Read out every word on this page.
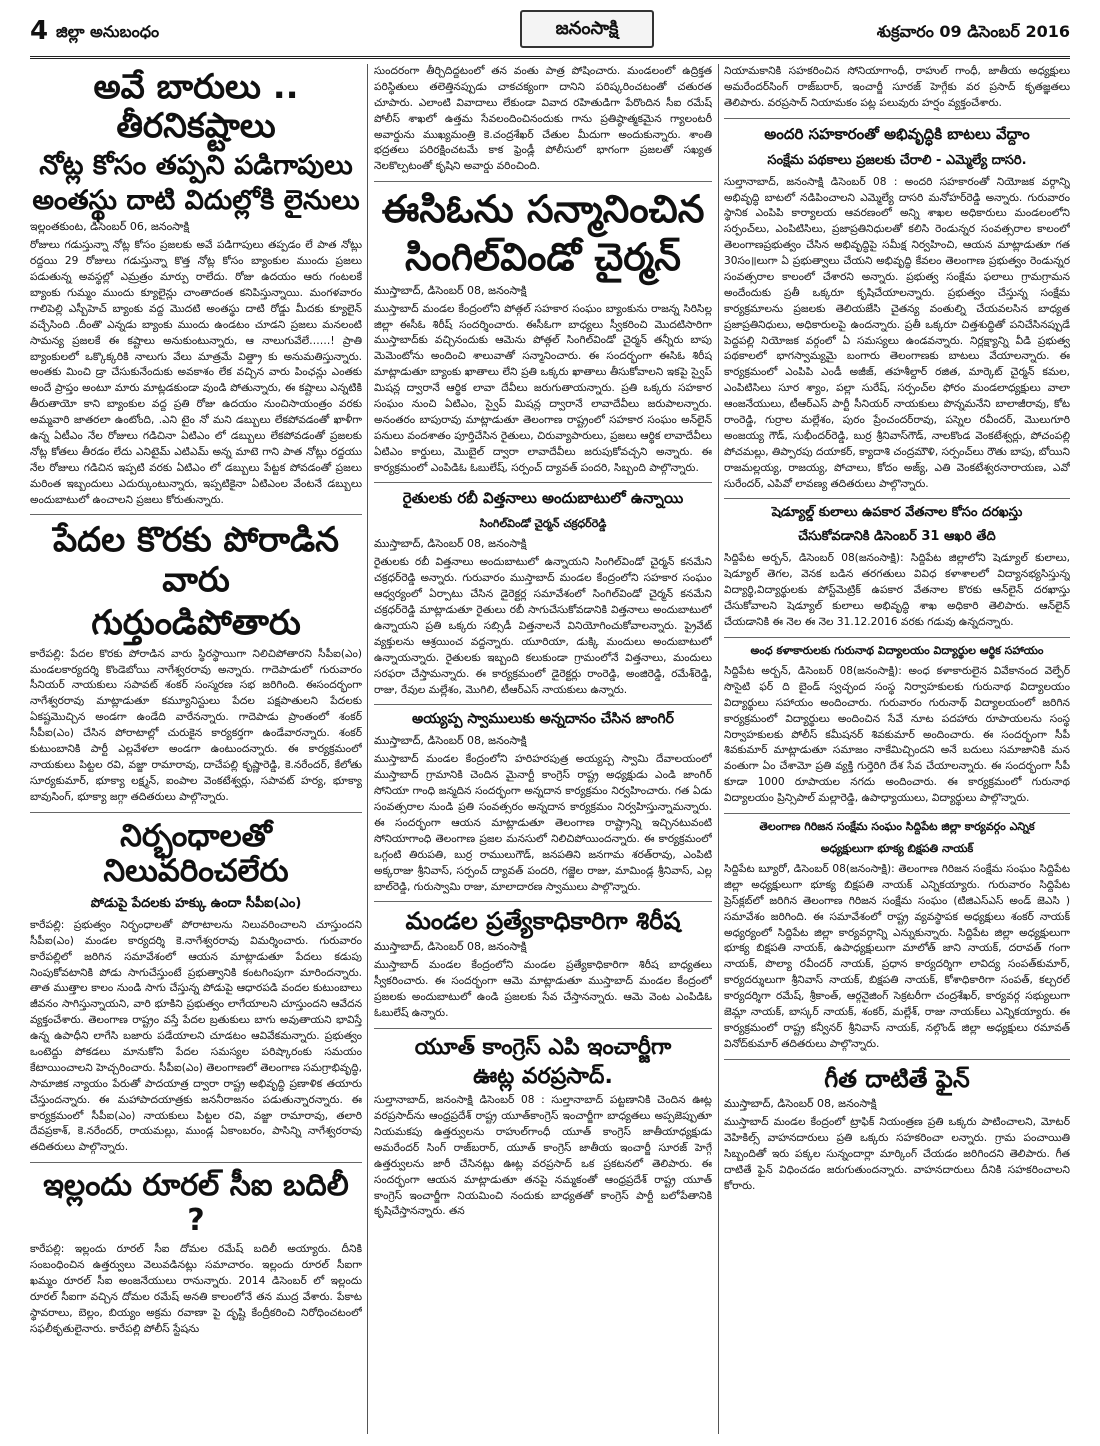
4 జిల్లా అనుబంధం	జనంసాక్షి	శుక్రవారం 09 డిసెంబర్ 2016
అవే బారులు .. తీరనికష్టాలు
నోట్ల కోసం తప్పని పడిగాపులు
అంతస్థు దాటి విదుల్లోకి లైనులు
ఇల్లంతకుంట, డిసెంబర్ 06, జనంసాక్షి

రోజులు గడుస్తున్నా నోట్ల కోసం ప్రజలకు అవే పడిగాపులు తప్పడం లే పాత నోట్లు రద్దయి 29 రోజులు గడుస్తున్నా కొత్త నోట్ల కోసం బ్యాంకుల ముందు ప్రజలు పడుతున్న అవస్థల్లో ఎమ్రత్రం మార్పు రాలేదు. రోజు ఉదయం ఆరు గంటలకే బ్యాంకు గుమ్మం ముందు క్యూలైన్లు చాంతాదంత కనిపిస్తున్నాయి. మంగళవారం గాలిపెల్లి ఎస్బీహెచ్ బ్యాంకు వద్ద మొదటి అంతస్థు దాటి రోడ్డు మీదకు క్యూలైన్ వచ్చేసింది .దీంతొ ఎన్నడు బ్యాంకు ముందు ఉండటం చూడని ప్రజలు మనలంటి సామన్య ప్రజలకే ఈ కష్టాలు అనుకుంటున్నారు, ఆ నాలుగువేలే……! ప్రాతి బ్యాంకులలో ఒక్కొక్కరికి నాలుగు వేలు మాత్రమే విత్డ్రా కు అనుమతిస్తున్నారు. అంతకు మించి డ్రా చేసుకునేందుకు అవకాశం లేక వచ్చిన వారు పింఛన్లు ఎంతకు అందే ప్రాప్తం అంటూ మారు మాట్లడకుండా వుండి పోతున్నారు, ఈ కష్టాలు ఎన్నటికి తీరుతాయో కాని బ్యాంకుల వద్ద ప్రతి రోజు ఉదయం నుంచిసాయంత్రం వరకు అమ్మవారి జాతరలా ఉంటోంది, .ఎని టైం నో మని డబ్బులు లేకపోవడంతో ఖాళీగా ఉన్న ఏటీఎం నేల రోజులు గడిచినా ఏటిఎం లో డబ్బులు లేకపోవడంతో ప్రజలకు నోట్ల కోతలు తీరడం లేదు ఎనిటైమ్ ఎటిఎమ్ అన్న మాటె గాని పాత నోట్లు రద్దయు నేల రోజులు గడిచిన ఇప్పటి వరకు ఏటిఎం లో డబ్బులు పేట్టక పోవడంతో ప్రజలు మరింత ఇబ్బందులు ఎదుర్కుంటున్నారు, ఇప్పటికైనా ఏటిఎంల వేంటనే డబ్బులు అందుబాటులో ఉంచాలని ప్రజలు కోరుతున్నారు.

పేదల కొరకు పోరాడిన వారు
గుర్తుండిపోతారు

కారేపల్లి: పేదల కొరకు పోరాడిన వారు స్థిరస్థాయిగా నిలిచిపోతారని సీపీఐ(ఎం) మండలకార్యదర్శి కొండెబోయి నాగేశ్వరరావు అన్నారు. గాదెపాడులో గురువారం సీనియర్ నాయకులు సపావట్ శంకర్ సంస్మరణ సభ జరిగింది. ఈసందర్భంగా నాగేశ్వరరావు మాట్లాడుతూ కమ్యూనిస్టులు పేదల పక్షపాతులని పేదలకు ఏకష్టమొచ్చిన అండగా ఉండేది వారేనన్నారు. గాదెపాడు ప్రాంతంలో శంకర్ సీపీఐ(ఎం) చేసిన పోరాటాల్లో చురుకైన కార్యకర్తగా ఉండేవారన్నారు. శంకర్ కుటుంబానికి పార్టీ ఎల్లవేళలా అండగా ఉంటుందన్నారు. ఈ కార్యక్రమంలో నాయకులు పిట్టల రవి, వజ్జా రామారావు, దాచేపల్లి కృష్ణారెడ్డి, కె.నరేందర్, కేలోతు సూర్యకుమార్, భూక్యా లక్ష్మన్, ఐంపాల వెంకటేశ్వర్లు, సపావట్ హర్య, భూక్యా బావుసింగ్, భూక్యా జగ్గా తదితరులు పాల్గొన్నారు.

నిర్భంధాలతో నిలువరించలేరు
పోడుపై పేదలకు హక్కు ఉందా సీపీఐ(ఎం)

కారేపల్లి: ప్రభుత్వం నిర్భంధాలతో పోరాటాలను నిలువరించాలని చూస్తుందని సీపీఐ(ఎం) మండల కార్యదర్శి కె.నాగేశ్వరరావు విమర్శించారు. గురువారం కారేపల్లిలో జరిగిన సమావేశంలో ఆయన మాట్లాడుతూ పేదలు కడుపు నింపుకోవటానికి పోడు సాగుచేస్తుంటే ప్రభుత్వానికి కంటగింపుగా మారిందన్నారు. తాత ముత్తాల కాలం నుండి సాగు చేస్తున్న పోడుపై ఆధారపడి వందల కుటుంబాలు జీవనం సాగిస్తున్నాయని, వారి భూకిని ప్రభుత్వం లాగేయాలని చూస్తుందని ఆవేదన వ్యక్తంచేశారు. తెలంగాణ రాష్ట్రం వస్తే పేదల బ్రతుకులు బాగు అవుతాయని భావిస్తే ఉన్న ఉపాధీని లాగేసి బజారు పడేయాలని చూడటం ఆవివేకమన్నారు. ప్రభుత్వం ఒంటెద్దు పోకడలు మానుకోని పేదల సమస్యల పరిష్కారంకు సమయం కేటాయించాలని హెచ్చరించారు. సీపీఐ(ఎం) తెలంగాణలో తెలంగాణ సమగ్రాభివృద్ధి, సామాజిక న్యాయం పేరుతో పాదయాత్ర ద్వారా రాష్ట్ర అభివృద్ధి ప్రణాళిక తయారు చేస్తుందన్నారు. ఈ మహాపాదయాత్రకు జననీరాజనం పడుతున్నారన్నారు. ఈ కార్యక్రమంలో సీపీఐ(ఎం) నాయకులు పిట్టల రవి, వజ్జా రామారావు, తలారి దేవప్రకాశ్, కె.నరేందర్, రాయమల్లు, ముండ్ల ఏకాంబరం, పాసిన్ని నాగేశ్వరరావు తదితరులు పాల్గొన్నారు.

ఇల్లందు రూరల్ సీఐ బదిలీ ?

కారేపల్లి: ఇల్లందు రూరల్ సీఐ దోమల రమేష్ బదిలీ అయ్యారు. దీనికి సంబంధించిన ఉత్తర్వులు వెలువడినట్లు సమాచారం. ఇల్లందు రూరల్ సీఐగా ఖమ్మం రూరల్ సీఐ అంజనేయులు రానున్నారు. 2014 డిసెంబర్ లో ఇల్లందు రూరల్ సీఐగా వచ్చిన దోమల రమేష్ అనతి కాలంలోనే తన ముద్ర వేశారు. పేకాట స్థావరాలు, బెల్లం, బియ్యం అక్రమ రవాణా పై దృష్టి కేంద్రీకరించి నిరోధించటంలో సఫలీకృతులైనారు. కారేపల్లి పోలీస్ స్టేషను

సుందరంగా తీర్చిదిద్దటంలో తన వంతు పాత్ర పోషించారు. మండలంలో ఉద్రిక్తత పరిస్థితులు తలెత్తినప్పుడు చాకచక్యంగా దానిని పరిష్కరించటంతో చతురత చూపారు. ఎలాంటి వివాదాలు లేకుండా వివాద రహితుడిగా పేరొందిన సీఐ రమేష్ పోలీస్ శాఖలో ఉత్తమ సేవలందించినందుకు గాను ప్రతిష్ఠాత్మకమైన గ్యాలంటరీ అవార్డును ముఖ్యమంత్రి కె.చంద్రశేఖర్ చేతుల మీదుగా అందుకున్నారు. శాంతి భద్రతలు పరిరక్షించటమే కాక ఫ్రెండ్లీ పోలీసులో భాగంగా ప్రజలతో సఖ్యత నెలకొల్పటంతో కృషిని అవార్డు వరించింది.

ఈసిఓను సన్మానించిన
సింగిల్‌విండో చైర్మన్
ముస్తాబాద్, డిసెంబర్ 08, జనంసాక్షి

ముస్తాబాద్ మండల కేంద్రంలోని పోత్గల్ సహకార సంఘం బ్యాంకును రాజన్న సిరిసిల్ల జిల్లా ఈసీఓ శిరీష్ సందర్శించారు. ఈసీఓగా బాధ్యలు స్వీకరించి మొదటిసారిగా ముస్తాబాద్‌కు వచ్చినందుకు ఆమెను పోత్గల్ సింగిల్‌విండో చైర్మన్ తన్నీరు బాపు మెమెంటోను అందించి శాలువాతో సన్మానించారు. ఈ సందర్భంగా ఈసిఓ శిరీష మాట్లాడుతూ బ్యాంకు ఖాతాలు లేని ప్రతి ఒక్కరు ఖాతాలు తీసుకోవాలని ఇకపై స్వైప్ మిషన్ల ద్వారానే ఆర్థిక లావా దేవీలు జరుగుతాయన్నారు. ప్రతి ఒక్కరు సహకార సంఘం నుంచి ఏటిఎం, స్వైప్ మిషన్ల ద్వారానే లావాదేవీలు జరుపాలన్నారు. అనంతరం బాపురావు మాట్లాడుతూ తెలంగాణ రాష్ట్రంలో సహకార సంఘం అన్‌లైన్ పనులు వందశాతం పూర్తిచేసిన రైతులు, చిరువ్యాపారులు, ప్రజలు ఆర్థిక లావాదేవీలు ఏటిఎం కార్డులు, మొబైల్ ద్వారా లావాదేవీలు జరుపుకోవచ్చని అన్నారు. ఈ కార్యక్రమంలో ఎంపిడిఓ ఓబులేష్, సర్పంచ్ ద్యావత్ పందరి, సిబ్బంది పాల్గొన్నారు.

రైతులకు రబీ విత్తనాలు అందుబాటులో ఉన్నాయి
సింగిల్‌విండో చైర్మన్ చక్రధర్‌రెడ్డి
ముస్తాబాద్, డిసెంబర్ 08, జనంసాక్షి

రైతులకు రబీ విత్తనాలు అందుబాటులో ఉన్నాయని సింగిల్‌విండో చైర్మన్ కనమేని చక్రధర్‌రెడ్డి అన్నారు. గురువారం ముస్తాబాద్ మండల కేంద్రంలోని సహకార సంఘం ఆధ్వర్యంలో ఏర్పాటు చేసిన డైరెక్టర్ల సమావేశంలో సింగిల్‌విండో చైర్మన్ కనమేని చక్రధర్‌రెడ్డి మాట్లాడుతూ రైతులు రబీ సాగుచేసుకోవడానికి విత్తనాలు అందుబాటులో ఉన్నాయని ప్రతి ఒక్కరు సబ్సిడీ విత్తనాలనే వినియోగించుకోవాలన్నారు. ప్రైవేట్ వ్యక్తులను ఆశ్రయించ వద్దన్నారు. యూరియా, డుక్కి మందులు అందుబాటులో ఉన్నాయన్నారు. రైతులకు ఇబ్బంది కలుకుండా గ్రామంలోనే విత్తనాలు, మందులు సరఫరా చేస్తామన్నారు. ఈ కార్యక్రమంలో డైరెక్టర్లు రాంరెడ్డి, అంజిరెడ్డి, రమేశ్‌రెడ్డి, రాజు, రేవుల మల్లేశం, మొగిలి, టీఆర్ఎస్ నాయకులు ఉన్నారు.

అయ్యప్ప స్వాములుకు అన్నదానం చేసిన జాంగిర్
ముస్తాబాద్, డిసెంబర్ 08, జనంసాక్షి

ముస్తాబాద్ మండల కేంద్రంలోని హరిహరపుత్ర అయ్యప్ప స్వామి దేవాలయంలో ముస్తాబాద్ గ్రామానికి చెందిన మైనార్టీ కాంగ్రెస్ రాష్ట్ర అధ్యక్షుడు ఎండి జాంగిర్ సోనియా గాంధి జన్మదిన సందర్భంగా అన్నదాన కార్యక్రమం నిర్వహించారు. గత ఏడు సంవత్సరాల నుండి ప్రతి సంవత్సరం అన్నదాన కార్యక్రమం నిర్వహిస్తున్నామన్నారు. ఈ సందర్భంగా ఆయన మాట్లాడుతూ తెలంగాణ రాష్ట్రాన్ని ఇచ్చినటువంటి సోనియాగాంధి తెలంగాణ ప్రజల మనసులో నిలిచిపోయిందన్నారు. ఈ కార్యక్రమంలో ఒగ్గంటి తిరుపతి, బుర్ర రాములుగౌడ్, జనపతిని జనగామ శరత్‌రావు, ఎంపిటి అక్కరాజు శ్రీనివాస్, సర్పంచ్ ద్యావత్ పందరి, గజ్జెల రాజు, మామిండ్ల శ్రీనివాస్, ఎల్ల బాల్‌రెడ్డి, గురుస్వామి రాజు, మాలాదారణ స్వాములు పాల్గొన్నారు.

మండల ప్రత్యేకాధికారిగా శిరీష
ముస్తాబాద్, డిసెంబర్ 08, జనంసాక్షి

ముస్తాబాద్ మండల కేంద్రంలోని మండల ప్రత్యేకాధికారిగా శిరీష బాధ్యతలు స్వీకరించారు. ఈ సందర్భంగా ఆమె మాట్లాడుతూ ముస్తాబాద్ మండల కేంద్రంలో ప్రజలకు అందుబాటులో ఉండి ప్రజలకు సేవ చేస్తానన్నారు. ఆమె వెంట ఎంపిడిఓ ఓబులేష్ ఉన్నారు.

యూత్ కాంగ్రెస్ ఎపి ఇంచార్జీగా
ఊట్ల వరప్రసాద్.

సుల్తానాబాద్, జనంసాక్షి డిసెంబర్ 08 : సుల్తానాబాద్ పట్టణానికి చెందిన ఊట్ల వరప్రసాద్‌ను ఆంధ్రప్రదేశ్ రాష్ట్ర యూత్‌కాంగ్రెస్ ఇంచార్జీగా బాధ్యతలు అప్పజెప్పుతూ నియమకపు ఉత్తర్వులను రాహుల్‌గాంధీ యూత్ కాంగ్రెస్ జాతీయాధ్యక్షుడు అమరేందర్ సింగ్ రాజ్‌బరార్, యూత్ కాంగ్రెస్ జాతీయ ఇంచార్జీ సూరజ్ హెగ్గే ఉత్తర్వులను జారీ చేసినట్లు ఊట్ల వరప్రసాద్ ఒక ప్రకటనలో తెలిపారు. ఈ సందర్భంగా ఆయన మాట్లాడుతూ తనపై నమ్మకంతో ఆంధ్రప్రదేశ్ రాష్ట్ర యూత్ కాంగ్రెస్ ఇంచార్జీగా నియమించి నందుకు బాధ్యతతో కాంగ్రెస్ పార్టీ బలోపేతానికి కృషిచేస్తానన్నారు. తన

నియామకానికి సహకరించిన సోనియాగాంధీ, రాహుల్ గాంధీ, జాతీయ అధ్యక్షులు అమరేందర్‌సింగ్ రాజ్‌బరార్, ఇంచార్జీ సూరజ్ హెగ్గేకు వర ప్రసాద్ కృతజ్ఞతలు తెలిపారు. వరప్రసాద్ నియామకం పట్ల పలువురు హర్షం వ్యక్తంచేశారు.

అందరి సహకారంతో అభివృద్ధికి బాటలు వేద్దాం
సంక్షేమ పథకాలు ప్రజలకు చేరాలి - ఎమ్మెల్యే దాసరి.

సుల్తానాబాద్, జనంసాక్షి డిసెంబర్ 08 : అందరి సహకారంతో నియోజక వర్గాన్ని అభివృద్ధి బాటలో నడిపించాలని ఎమ్మెల్యే దాసరి మనోహర్‌రెడ్డి అన్నారు. గురువారం స్థానిక ఎంపిపి కార్యాలయ ఆవరణంలో అన్ని శాఖల అధికారులు మండలంలోని సర్పంచ్‌లు, ఎంపిటిసిలు, ప్రజాప్రతినిధులతో కలిసి రెండున్నర సంవత్సరాల కాలంలో తెలంగాణప్రభుత్వం చేసిన అభివృద్ధిపై సమీక్ష నిర్వహించి, ఆయన మాట్లాడుతూ గత 30సం॥లుగా ఏ ప్రభుత్వాలు చేయని అభివృద్ధి కేవలం తెలంగాణ ప్రభుత్వం రెండున్నర సంవత్సరాల కాలంలో చేశారని అన్నారు. ప్రభుత్వ సంక్షేమ ఫలాలు గ్రామగ్రామన అందేందుకు ప్రతీ ఒక్కరూ కృషిచేయాలన్నారు. ప్రభుత్వం చేస్తున్న సంక్షేమ కార్యక్రమాలను ప్రజలకు తెలియజేసి చైతన్య వంతుల్ని చేయవలసిన బాధ్యత ప్రజాప్రతినిధులు, అధికారులపై ఉందన్నారు. ప్రతీ ఒక్కరూ చిత్తశుద్ధితో పనిచేసినప్పుడే పెద్దపల్లి నియోజక వర్గంలో ఏ సమస్యలు ఉండవన్నారు. నిర్లక్ష్యాన్ని వీడి ప్రభుత్వ పథకాలలో భాగస్వామ్యమై బంగారు తెలంగాణకు బాటలు వేయాలన్నారు. ఈ కార్యక్రమంలో ఎంపిపి ఎండీ అజీజ్, తహశీల్దార్ రజిత, మార్కెట్ చైర్మన్ కమల, ఎంపిటిసిలు సూర శ్యాం, పల్లా సురేష్, సర్పంచ్‌ల ఫోరం మండలాధ్యక్షులు వాలా ఆంజనేయులు, టీఆర్ఎస్ పార్టీ సీనియర్ నాయకులు పొన్నమనేని బాలాజీరావు, కోట రాంరెడ్డి, గుర్రాల మల్లేశం, పురం ప్రేంచందర్‌రావు, పస్నెల రవీందర్, మొలుగూరి అంజయ్య గౌడ్, సుభీందర్‌రెడ్డి, బుర్ర శ్రీనివాస్‌గౌడ్, నాలకొండ వెంకటేశ్వర్లు, పోచంపల్లి పోచమల్లు, తిప్పారపు దయాకర్, క్యాదాశి చంద్రమౌళి, సర్పంచ్‌లు రౌతు బాపు, బోయిని రాజమల్లయ్య, రాజయ్య, పోచాలు, కోదం అజ్య్, ఎతి వెంకటేశ్వరనారాయణ, ఎవో సురేందర్, ఎపివో లావణ్య తదితరులు పాల్గొన్నారు.

షెడ్యూల్డ్ కులాలు ఉపకార వేతనాల కోసం దరఖస్తు
చేసుకోవడానికి డిసెంబర్ 31 ఆఖరి తేది

సిద్దిపేట అర్బన్, డిసెంబర్ 08(జనంసాక్షి): సిద్దిపేట జిల్లాలోని షెడ్యూల్ కులాలు, షెడ్యూల్ తెగల, వెనక బడిన తరగతులు వివిధ కళాశాలలో విద్యానభ్యసిస్తున్న విద్యార్థి,విద్యార్థులకు పోస్ట్‌మెట్రిక్ ఉపకార వేతనాల కొరకు ఆన్‌లైన్ దరఖాస్తు చేసుకోవాలని షెడ్యూల్ కులాలు అభివృద్ధి శాఖ అధికారి తెలిపారు. ఆన్‌లైన్ చేయడానికి ఈ నెల ఈ నెల 31.12.2016 వరకు గడువు ఉన్నదన్నారు.

అంధ కళాకారులకు గురునాథ విద్యాలయం విద్యార్థుల ఆర్థిక సహాయం

సిద్దిపేట అర్బన్, డిసెంబర్ 08(జనంసాక్షి): అంధ కళాకారులైన వివేకానంద వెల్ఫేర్ సొసైటి ఫర్ ది బైండ్ స్వచ్ఛంద సంస్థ నిర్వాహకులకు గురునాథ విద్యాలయం విద్యార్థులు సహాయం అందించారు. గురువారం గురునాథ్ విద్యాలయంలో జరిగిన కార్యక్రమంలో విద్యార్థులు అందించిన సేవే నూట పదహారు రూపాయలను సంస్థ నిర్వాహకులకు పోలీస్ కమీషనర్ శివకుమార్ అందించారు. ఈ సందర్భంగా సీపీ శివకుమార్ మాట్లాడుతూ సమాజం నాకేమిచ్చిందని అనే బదులు సమాజానికి మన వంతుగా ఏం చేశామో ప్రతి వ్యక్తి గుర్తెరిగి దేశ సేవ చేయాలన్నారు. ఈ సందర్భంగా సీపీ కూడా 1000 రూపాయల నగదు అందించారు. ఈ కార్యక్రమంలో గురునాథ విద్యాలయం ప్రిన్సిపాల్ మల్లారెడ్డి, ఉపాధ్యాయులు, విద్యార్థులు పాల్గొన్నారు.

తెలంగాణ గిరిజన సంక్షేమ సంఘం సిద్దిపేట జిల్లా కార్యవర్గం ఎన్నిక
అధ్యక్షులుగా భూక్య బిక్షపతి నాయక్

సిద్దిపేట బ్యూరో, డిసెంబర్ 08(జనంసాక్షి): తెలంగాణ గిరిజన సంక్షేమ సంఘం సిద్దిపేట జిల్లా అధ్యక్షులుగా భూక్య బిక్షపతి నాయక్ ఎన్నికయ్యారు. గురువారం సిద్దిపేట ప్రెస్‌క్లబ్‌లో జరిగిన తెలంగాణ గిరిజన సంక్షేమ సంఘం (టిజిఎస్ఎస్ అండ్ జెఎసి ) సమావేశం జరిగింది. ఈ సమావేశంలో రాష్ట్ర వ్యవస్థాపక అధ్యక్షులు శంకర్ నాయక్ అధ్యర్యంలో సిద్దిపేట జిల్లా కార్యవర్గాన్ని ఎన్నుకున్నారు. సిద్దిపేట జిల్లా అధ్యక్షులుగా భూక్య బిక్షపతి నాయక్, ఉపాధ్యక్షులుగా మాలోత్ జాని నాయక్, దరావత్ గంగా నాయక్, పొల్యా రవీందర్ నాయక్, ప్రధాన కార్యదర్శిగా లావిద్య సంపత్‌కుమార్, కార్యదర్శులుగా శ్రీనివాస్ నాయక్, బిక్షపతి నాయక్, కోశాధికారిగా సంపత్, కల్చరల్ కార్యదర్శిగా రమేష్, శ్రీకాంత్, ఆర్గనైజింగ్ సెక్రటరీగా చంద్రశేఖర్, కార్యవర్గ సభ్యులుగా జెమ్లా నాయక్, బాస్కర్ నాయక్, శంకర్, మల్లేశ్, రాజు నాయక్‌లు ఎన్నికయ్యారు. ఈ కార్యక్రమంలో రాష్ట్ర కన్వీనర్ శ్రీనివాస్ నాయక్, నల్గొండ్ జిల్లా అధ్యక్షులు రమావత్ వినోద్‌కుమార్ తదితరులు పాల్గొన్నారు.

గీత దాటితే ఫైన్
ముస్తాబాద్, డిసెంబర్ 08, జనంసాక్షి

ముస్తాబాద్ మండల కేంద్రంలో ట్రాఫిక్ నియంత్రణ ప్రతి ఒక్కరు పాటించాలని, మోటర్ వెహికిల్స్ వాహనదారులు ప్రతి ఒక్కరు సహకరించా లన్నారు. గ్రామ పంచాయితి సిబ్బందితో ఇరు పక్కల సున్నందార్లా మార్కింగ్ చేయడం జరిగిందని తెలిపారు. గీత దాటితే ఫైన్ విధించడం జరుగుతుందన్నారు. వాహనదారులు దీనికి సహకరించాలని కోరారు.
